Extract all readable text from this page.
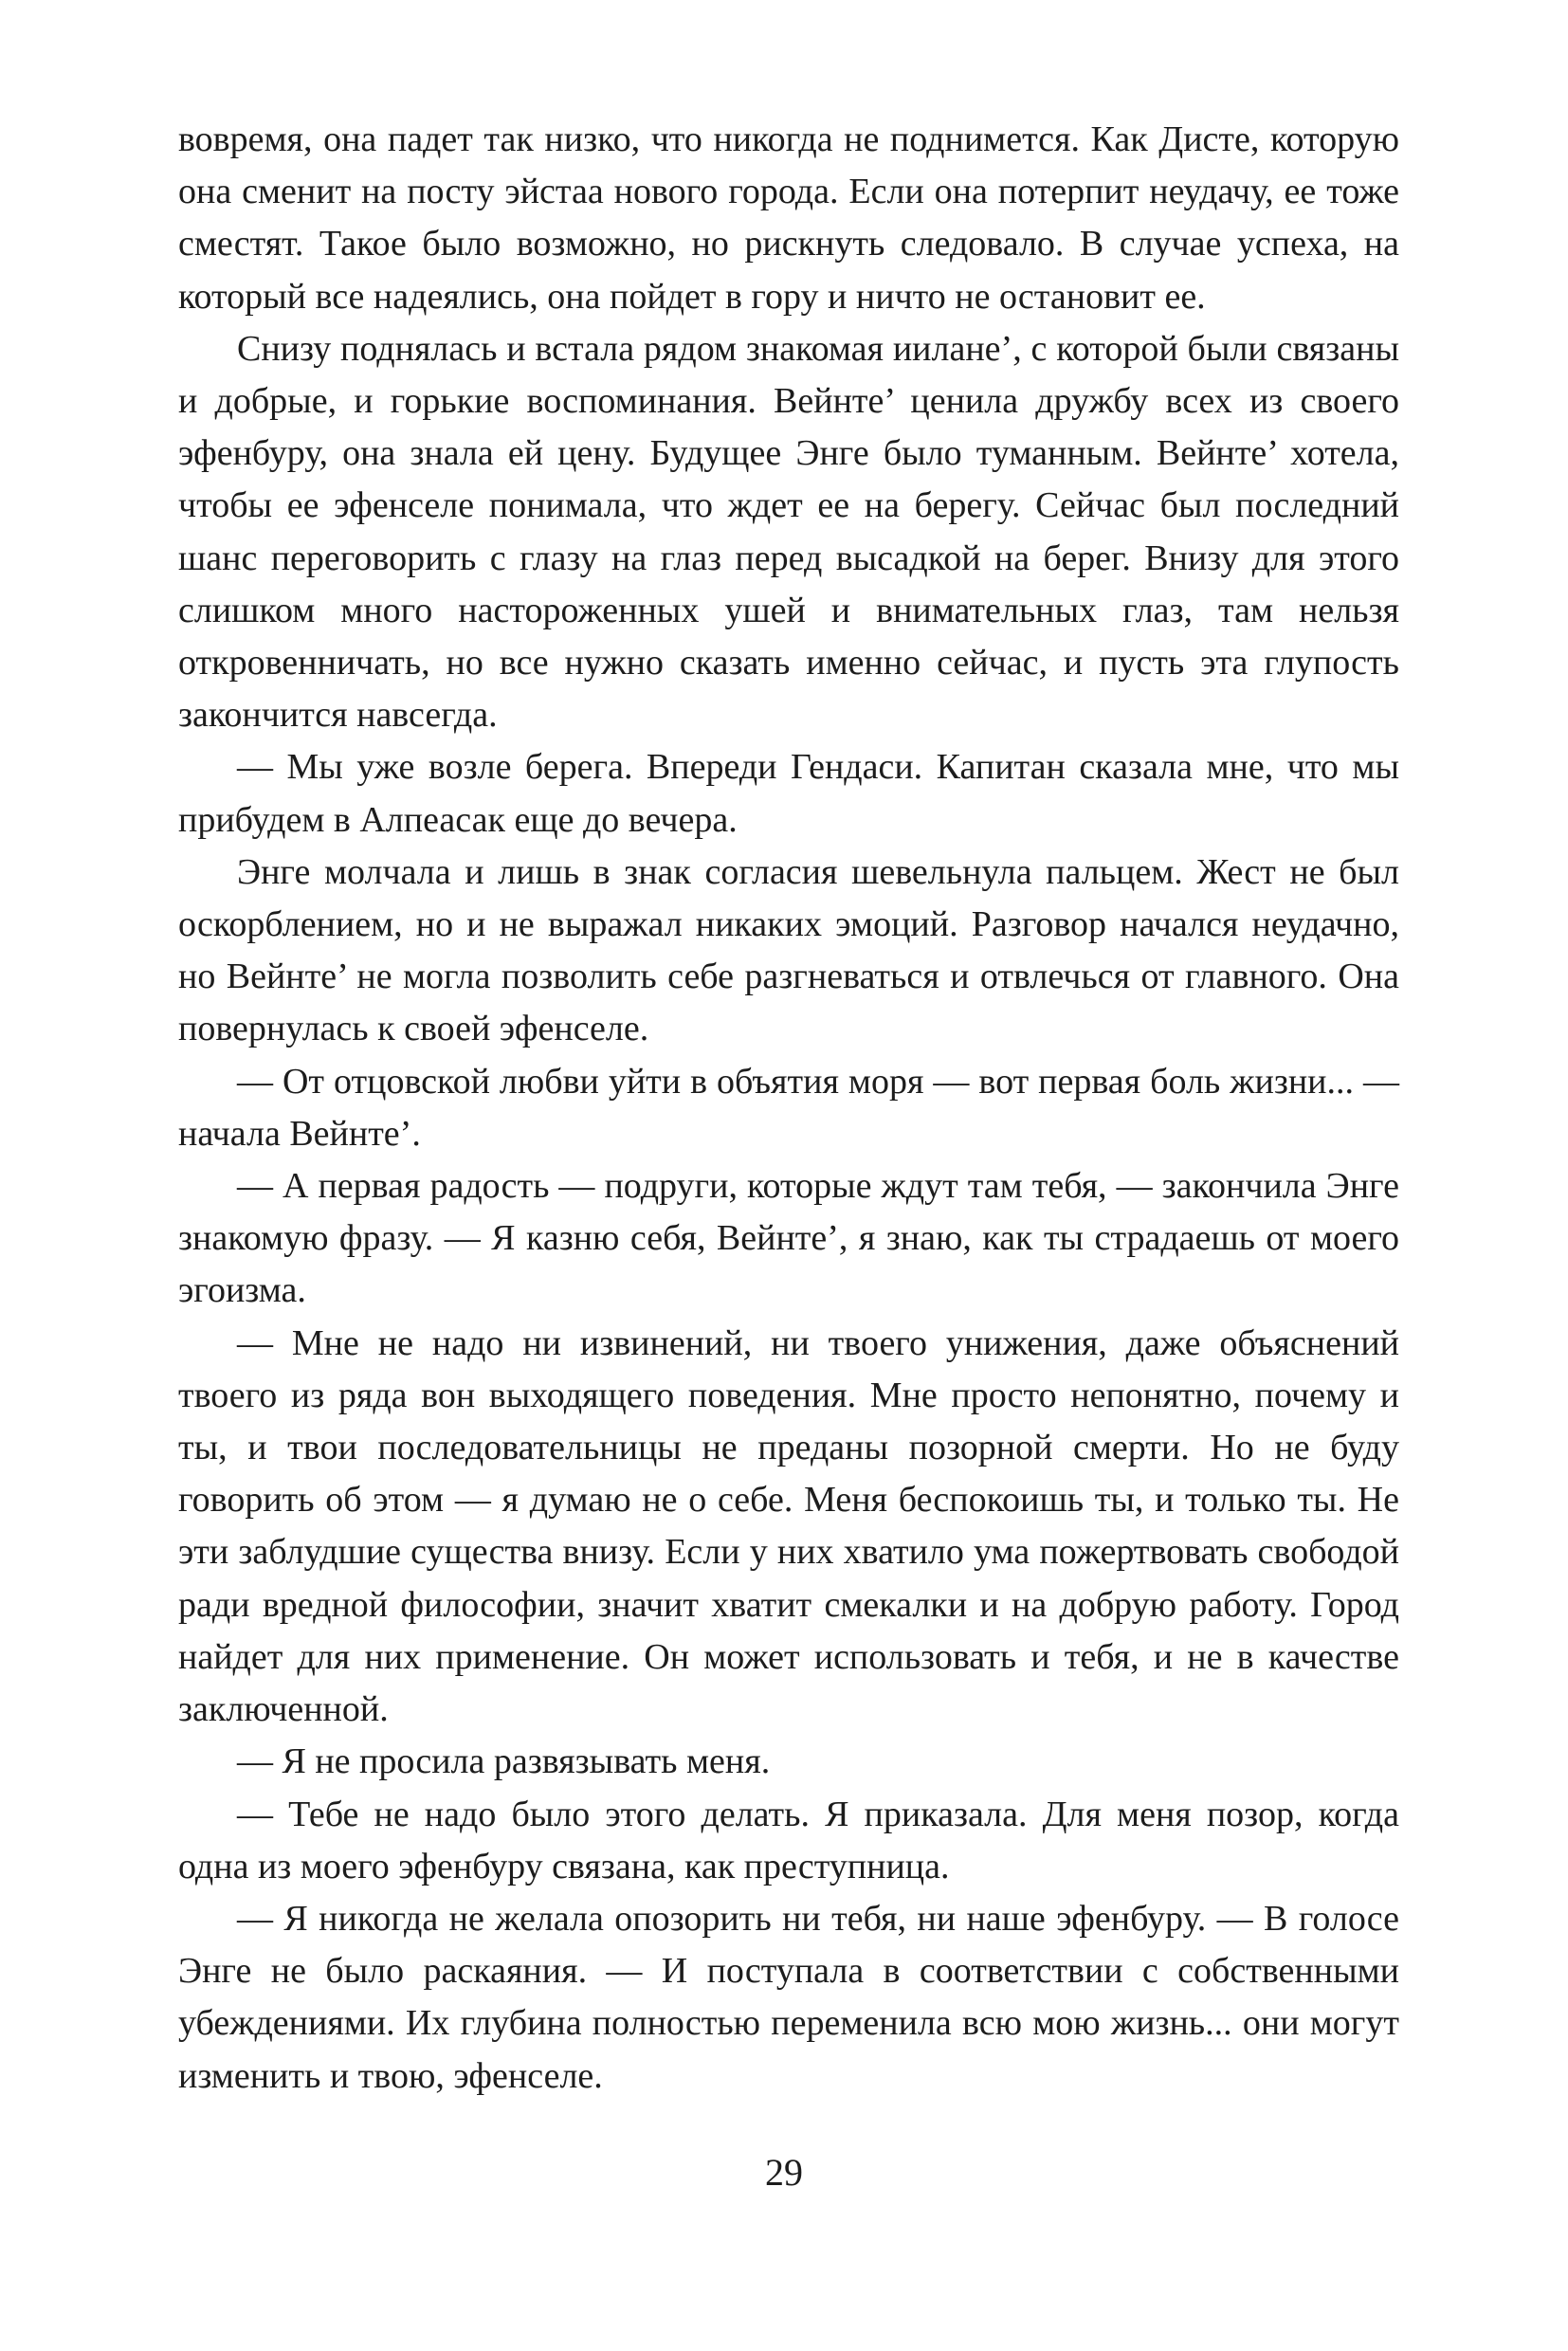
вовремя, она падет так низко, что никогда не поднимется. Как Дисте, которую она сменит на посту эйстаа нового города. Если она потерпит неудачу, ее тоже сместят. Такое было возможно, но рискнуть следовало. В случае успеха, на который все надеялись, она пойдет в гору и ничто не остановит ее.

Снизу поднялась и встала рядом знакомая иилане’, с которой были связаны и добрые, и горькие воспоминания. Вейнте’ ценила дружбу всех из своего эфенбуру, она знала ей цену. Будущее Энге было туманным. Вейнте’ хотела, чтобы ее эфенселе понимала, что ждет ее на берегу. Сейчас был последний шанс переговорить с глазу на глаз перед высадкой на берег. Внизу для этого слишком много настороженных ушей и внимательных глаз, там нельзя откровенничать, но все нужно сказать именно сейчас, и пусть эта глупость закончится навсегда.

— Мы уже возле берега. Впереди Гендаси. Капитан сказала мне, что мы прибудем в Алпеасак еще до вечера.

Энге молчала и лишь в знак согласия шевельнула пальцем. Жест не был оскорблением, но и не выражал никаких эмоций. Разговор начался неудачно, но Вейнте’ не могла позволить себе разгневаться и отвлечься от главного. Она повернулась к своей эфенселе.

— От отцовской любви уйти в объятия моря — вот первая боль жизни... — начала Вейнте’.

— А первая радость — подруги, которые ждут там тебя, — закончила Энге знакомую фразу. — Я казню себя, Вейнте’, я знаю, как ты страдаешь от моего эгоизма.

— Мне не надо ни извинений, ни твоего унижения, даже объяснений твоего из ряда вон выходящего поведения. Мне просто непонятно, почему и ты, и твои последовательницы не преданы позорной смерти. Но не буду говорить об этом — я думаю не о себе. Меня беспокоишь ты, и только ты. Не эти заблудшие существа внизу. Если у них хватило ума пожертвовать свободой ради вредной философии, значит хватит смекалки и на добрую работу. Город найдет для них применение. Он может использовать и тебя, и не в качестве заключенной.

— Я не просила развязывать меня.

— Тебе не надо было этого делать. Я приказала. Для меня позор, когда одна из моего эфенбуру связана, как преступница.

— Я никогда не желала опозорить ни тебя, ни наше эфенбуру. — В голосе Энге не было раскаяния. — И поступала в соответствии с собственными убеждениями. Их глубина полностью переменила всю мою жизнь... они могут изменить и твою, эфенселе.

29
